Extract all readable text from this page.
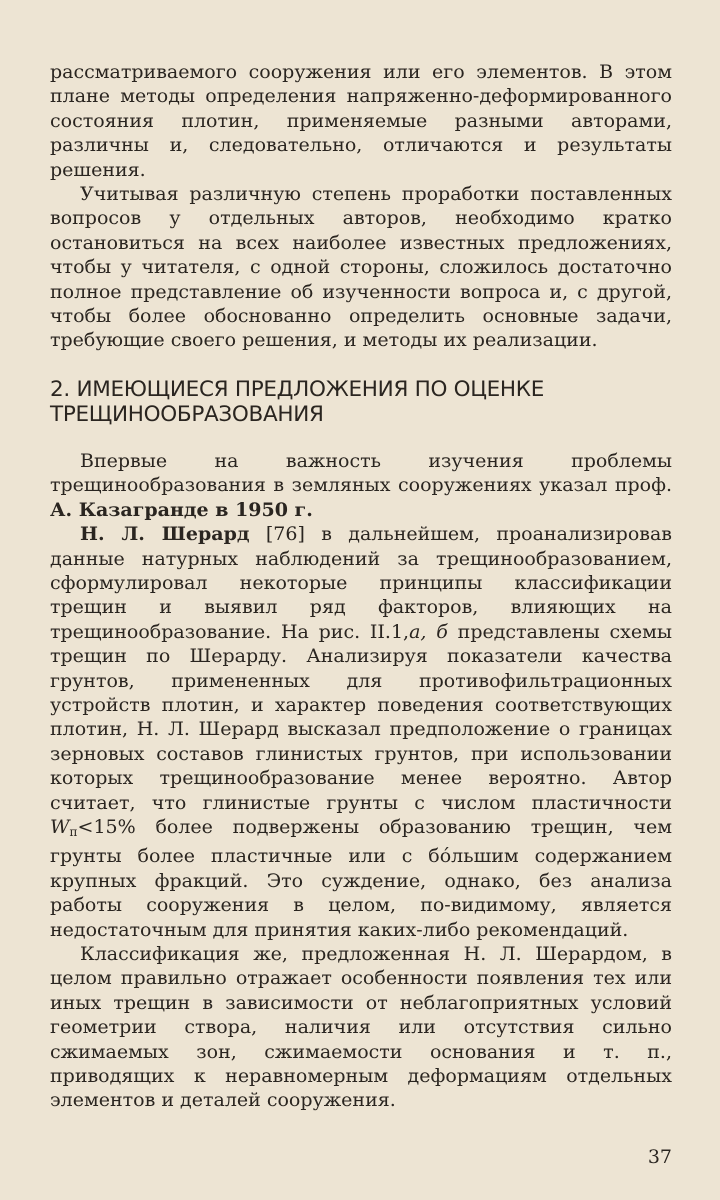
расcматриваемого сооружения или его элементов. В этом плане методы определения напряженно-деформированного состояния плотин, применяемые разными авторами, различны и, следовательно, отличаются и результаты решения.

Учитывая различную степень проработки поставленных вопросов у отдельных авторов, необходимо кратко остановиться на всех наиболее известных предложениях, чтобы у читателя, с одной стороны, сложилось достаточно полное представление об изученности вопроса и, с другой, чтобы более обоснованно определить основные задачи, требующие своего решения, и методы их реализации.

2. ИМЕЮЩИЕСЯ ПРЕДЛОЖЕНИЯ ПО ОЦЕНКЕ ТРЕЩИНООБРАЗОВАНИЯ

Впервые на важность изучения проблемы трещинообразования в земляных сооружениях указал проф. А. Казагранде в 1950 г.

Н. Л. Шерард [76] в дальнейшем, проанализировав данные натурных наблюдений за трещинообразованием, сформулировал некоторые принципы классификации трещин и выявил ряд факторов, влияющих на трещинообразование. На рис. II.1,а, б представлены схемы трещин по Шерарду. Анализируя показатели качества грунтов, примененных для противофильтрационных устройств плотин, и характер поведения соответствующих плотин, Н. Л. Шерард высказал предположение о границах зерновых составов глинистых грунтов, при использовании которых трещинообразование менее вероятно. Автор считает, что глинистые грунты с числом пластичности $W_п<15\%$ более подвержены образованию трещин, чем грунты более пластичные или с бо́льшим содержанием крупных фракций. Это суждение, однако, без анализа работы сооружения в целом, по-видимому, является недостаточным для принятия каких-либо рекомендаций.

Классификация же, предложенная Н. Л. Шерардом, в целом правильно отражает особенности появления тех или иных трещин в зависимости от неблагоприятных условий геометрии створа, наличия или отсутствия сильно сжимаемых зон, сжимаемости основания и т. п., приводящих к неравномерным деформациям отдельных элементов и деталей сооружения.

37
